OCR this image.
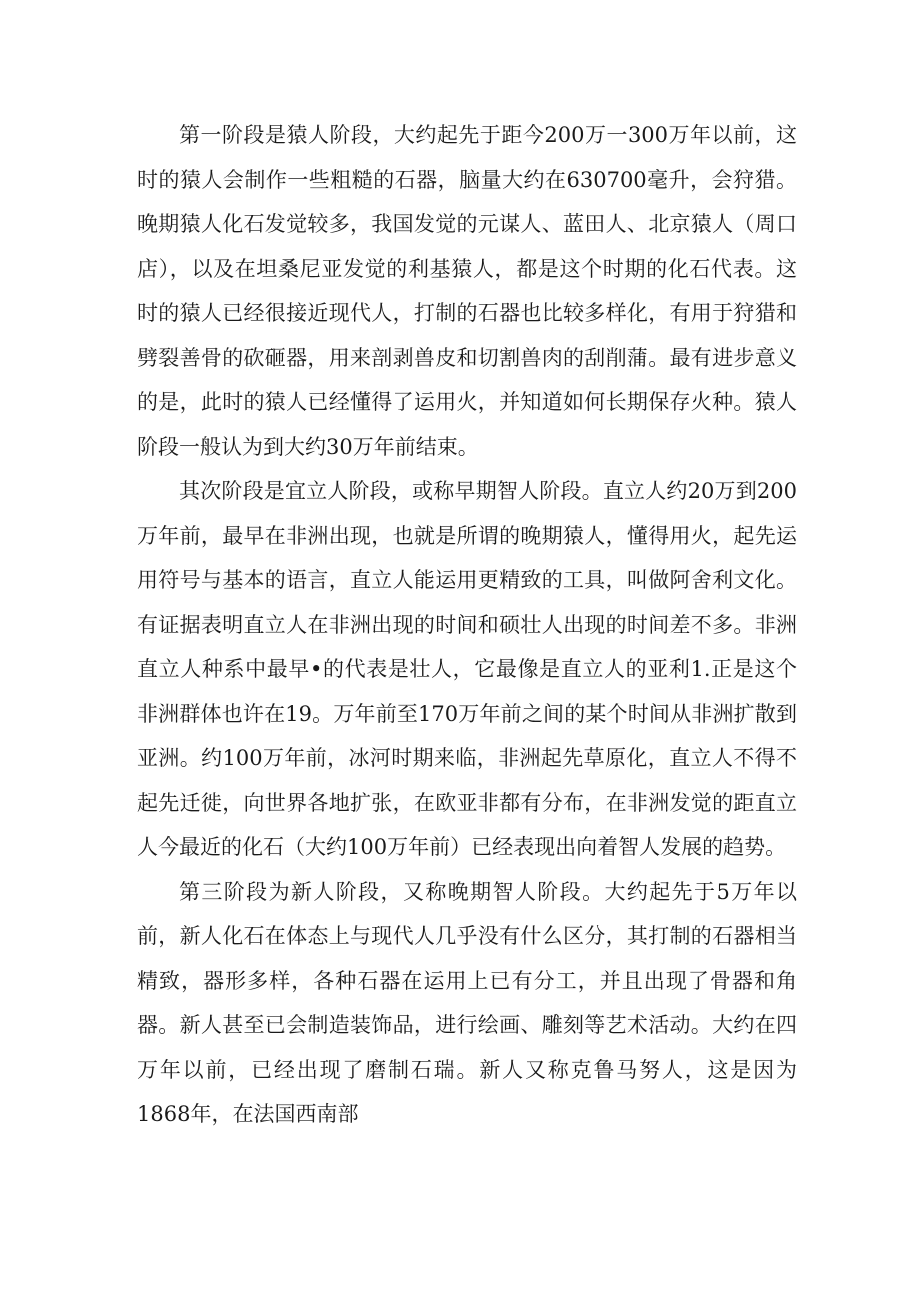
第一阶段是猿人阶段，大约起先于距今200万一300万年以前，这时的猿人会制作一些粗糙的石器，脑量大约在630700毫升，会狩猎。晚期猿人化石发觉较多，我国发觉的元谋人、蓝田人、北京猿人（周口店），以及在坦桑尼亚发觉的利基猿人，都是这个时期的化石代表。这时的猿人已经很接近现代人，打制的石器也比较多样化，有用于狩猎和劈裂善骨的砍砸器，用来剖剥兽皮和切割兽肉的刮削蒲。最有进步意义的是，此时的猿人已经懂得了运用火，并知道如何长期保存火种。猿人阶段一般认为到大约30万年前结束。

其次阶段是宜立人阶段，或称早期智人阶段。直立人约20万到200万年前，最早在非洲出现，也就是所谓的晚期猿人，懂得用火，起先运用符号与基本的语言，直立人能运用更精致的工具，叫做阿舍利文化。有证据表明直立人在非洲出现的时间和硕壮人出现的时间差不多。非洲直立人种系中最早•的代表是壮人，它最像是直立人的亚利1.正是这个非洲群体也许在19。万年前至170万年前之间的某个时间从非洲扩散到亚洲。约100万年前，冰河时期来临，非洲起先草原化，直立人不得不起先迁徙，向世界各地扩张，在欧亚非都有分布，在非洲发觉的距直立人今最近的化石（大约100万年前）已经表现出向着智人发展的趋势。

第三阶段为新人阶段，又称晚期智人阶段。大约起先于5万年以前，新人化石在体态上与现代人几乎没有什么区分，其打制的石器相当精致，器形多样，各种石器在运用上已有分工，并且出现了骨器和角器。新人甚至已会制造装饰品，进行绘画、雕刻等艺术活动。大约在四万年以前，已经出现了磨制石瑞。新人又称克鲁马努人，这是因为1868年，在法国西南部
